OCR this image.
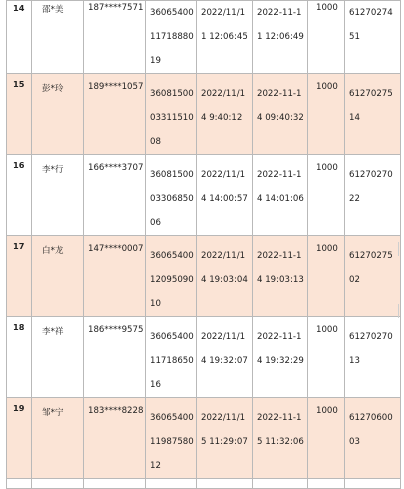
14	邵*美	187****7571	3606540011718880 19	2022/11/1 1 12:06:45	2022-11-1 1 12:06:49	1000	6127027451
15	彭*玲	189****1057	3608150003311510 08	2022/11/1 4 9:40:12	2022-11-1 4 09:40:32	1000	6127027514
16	李*行	166****3707	3608150003306850 06	2022/11/1 4 14:00:57	2022-11-1 4 14:01:06	1000	6127027022
17	白*龙	147****0007	3606540012095090 10	2022/11/1 4 19:03:04	2022-11-1 4 19:03:13	1000	6127027502
18	李*祥	186****9575	3606540011718650 16	2022/11/1 4 19:32:07	2022-11-1 4 19:32:29	1000	6127027013
19	邹*宁	183****8228	3606540011987580 12	2022/11/1 5 11:29:07	2022-11-1 5 11:32:06	1000	6127060003
